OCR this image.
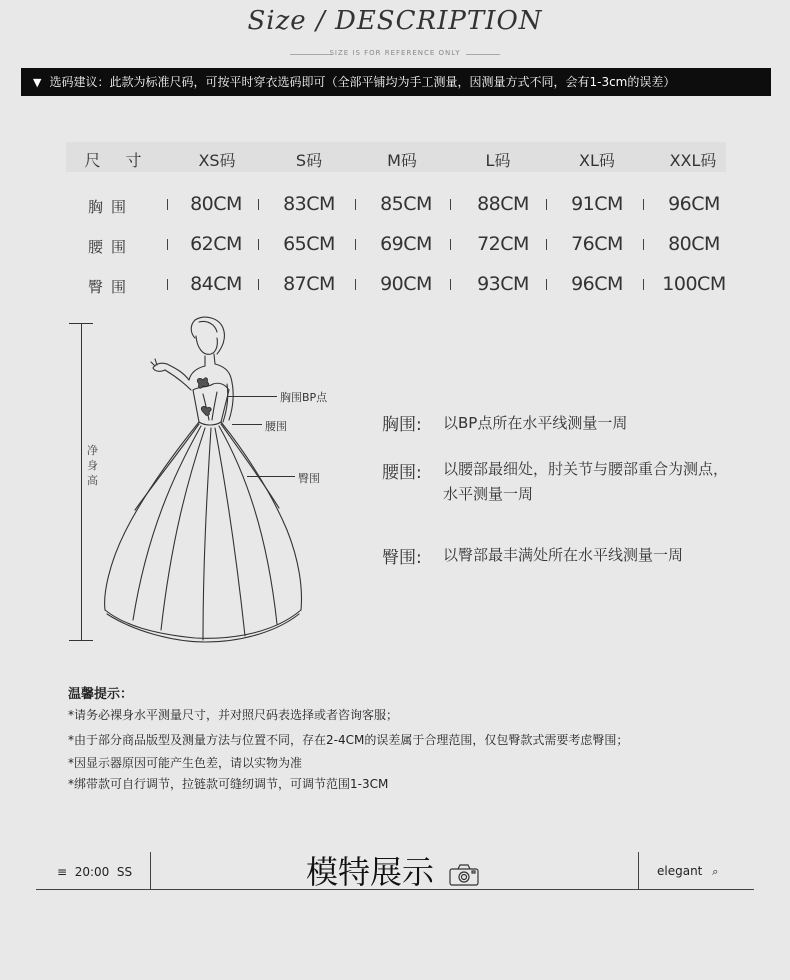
Size / DESCRIPTION
SIZE IS FOR REFERENCE ONLY
▼ 选码建议：此款为标准尺码，可按平时穿衣选码即可（全部平铺均为手工测量，因测量方式不同，会有1-3cm的误差）
尺 寸	XS码	S码	M码	L码	XL码	XXL码
胸围	80CM	83CM	85CM	88CM	91CM	96CM
腰围	62CM	65CM	69CM	72CM	76CM	80CM
臀围	84CM	87CM	90CM	93CM	96CM	100CM
净身高
胸围BP点
腰围
臀围
胸围: 以BP点所在水平线测量一周
腰围: 以腰部最细处，肘关节与腰部重合为测点，水平测量一周
臀围: 以臀部最丰满处所在水平线测量一周
温馨提示：
*请务必裸身水平测量尺寸，并对照尺码表选择或者咨询客服；
*由于部分商品版型及测量方法与位置不同，存在2-4CM的误差属于合理范围，仅包臀款式需要考虑臀围；
*因显示器原因可能产生色差，请以实物为准
*绑带款可自行调节，拉链款可缝纫调节，可调节范围1-3CM
≡ 20:00  SS	模特展示	elegant ⌕
